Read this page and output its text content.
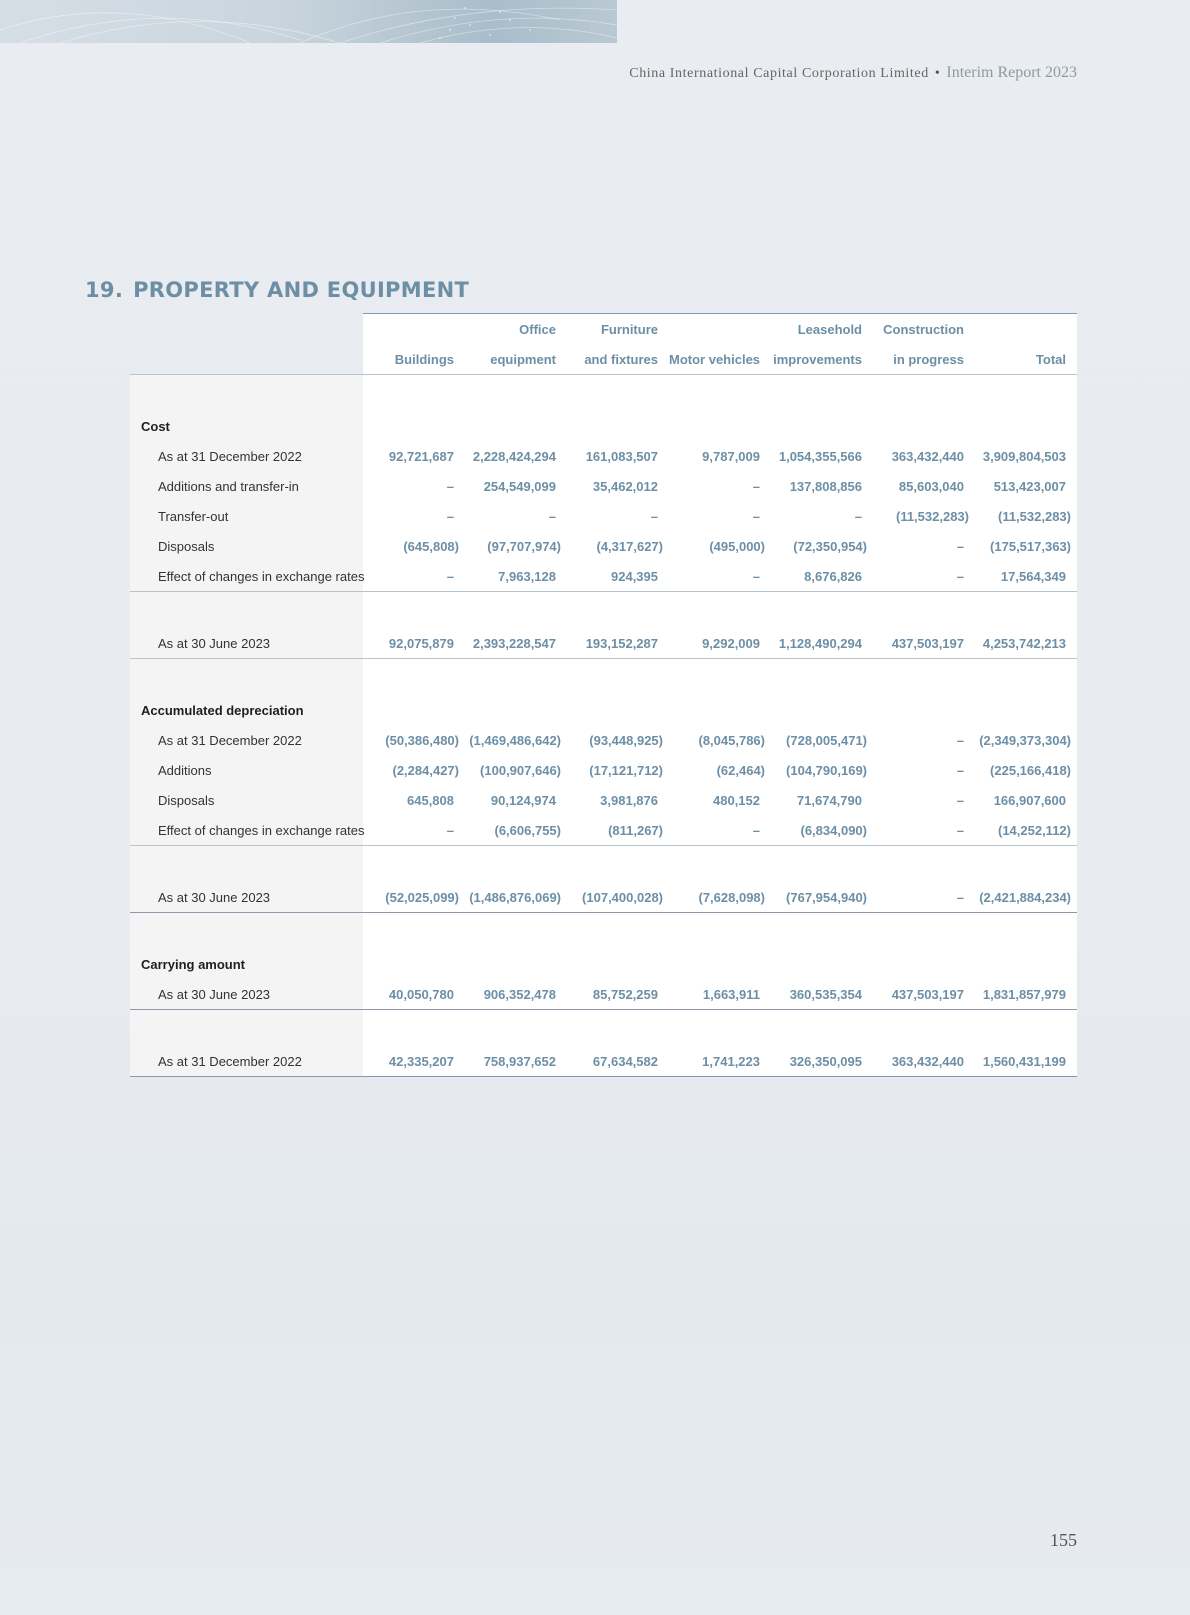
China International Capital Corporation Limited • Interim Report 2023
19. PROPERTY AND EQUIPMENT
		Office	Furniture		Leasehold	Construction	
	Buildings	equipment	and fixtures	Motor vehicles	improvements	in progress	Total

Cost							
As at 31 December 2022	92,721,687	2,228,424,294	161,083,507	9,787,009	1,054,355,566	363,432,440	3,909,804,503
Additions and transfer-in	–	254,549,099	35,462,012	–	137,808,856	85,603,040	513,423,007
Transfer-out	–	–	–	–	–	(11,532,283)	(11,532,283)
Disposals	(645,808)	(97,707,974)	(4,317,627)	(495,000)	(72,350,954)	–	(175,517,363)
Effect of changes in exchange rates	–	7,963,128	924,395	–	8,676,826	–	17,564,349

As at 30 June 2023	92,075,879	2,393,228,547	193,152,287	9,292,009	1,128,490,294	437,503,197	4,253,742,213

Accumulated depreciation							
As at 31 December 2022	(50,386,480)	(1,469,486,642)	(93,448,925)	(8,045,786)	(728,005,471)	–	(2,349,373,304)
Additions	(2,284,427)	(100,907,646)	(17,121,712)	(62,464)	(104,790,169)	–	(225,166,418)
Disposals	645,808	90,124,974	3,981,876	480,152	71,674,790	–	166,907,600
Effect of changes in exchange rates	–	(6,606,755)	(811,267)	–	(6,834,090)	–	(14,252,112)

As at 30 June 2023	(52,025,099)	(1,486,876,069)	(107,400,028)	(7,628,098)	(767,954,940)	–	(2,421,884,234)

Carrying amount							
As at 30 June 2023	40,050,780	906,352,478	85,752,259	1,663,911	360,535,354	437,503,197	1,831,857,979

As at 31 December 2022	42,335,207	758,937,652	67,634,582	1,741,223	326,350,095	363,432,440	1,560,431,199
155
